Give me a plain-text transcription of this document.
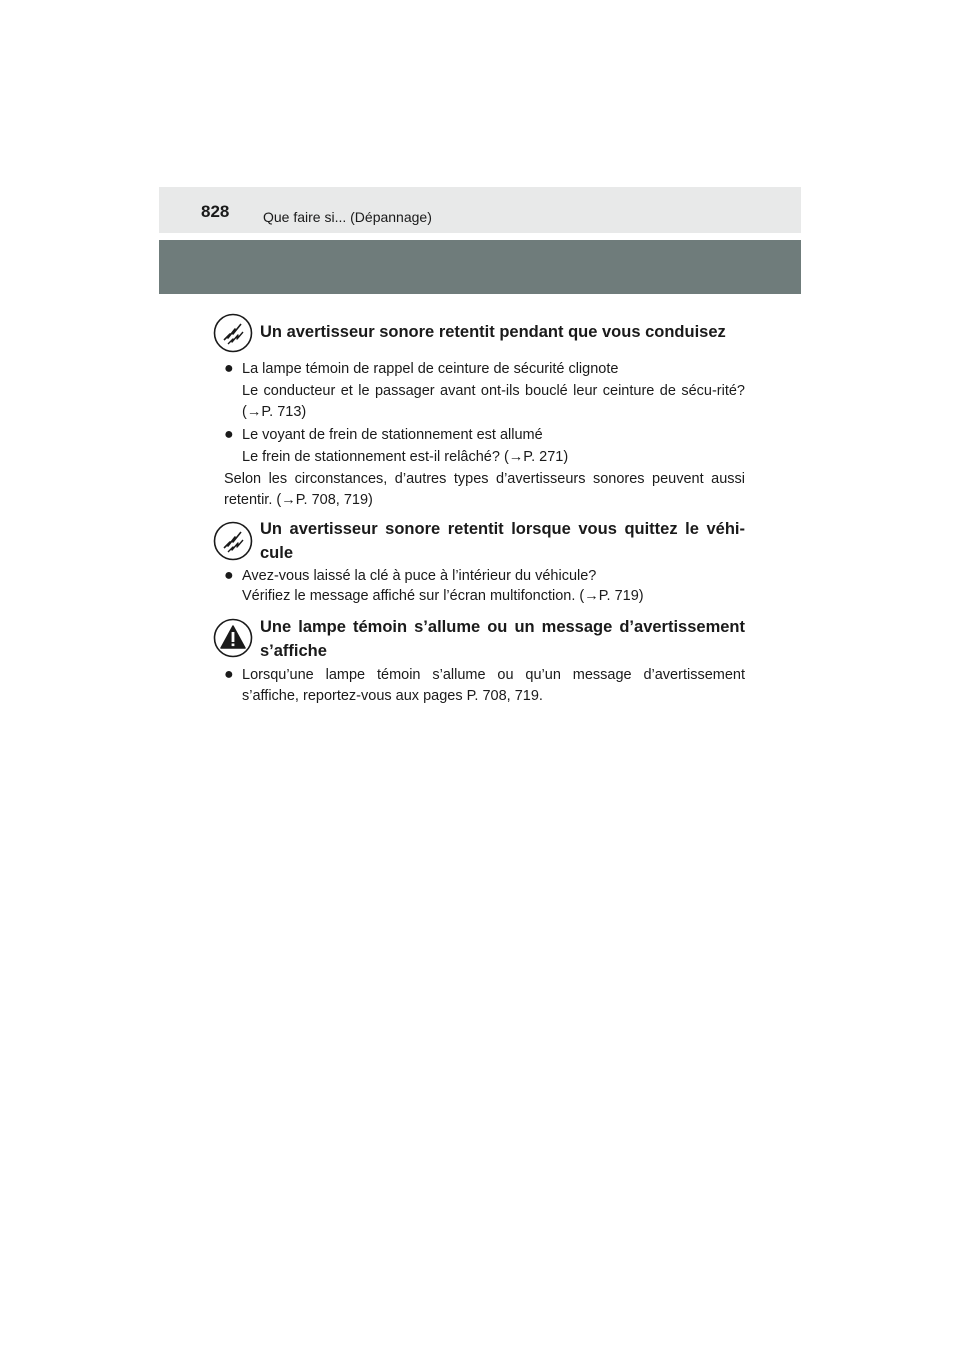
828 Que faire si... (Dépannage)
Un avertisseur sonore retentit pendant que vous conduisez
● La lampe témoin de rappel de ceinture de sécurité clignote
Le conducteur et le passager avant ont-ils bouclé leur ceinture de sécu-rité? (→P. 713)
● Le voyant de frein de stationnement est allumé
Le frein de stationnement est-il relâché? (→P. 271)
Selon les circonstances, d’autres types d’avertisseurs sonores peuvent aussi retentir. (→P. 708, 719)
Un avertisseur sonore retentit lorsque vous quittez le véhi-cule
● Avez-vous laissé la clé à puce à l’intérieur du véhicule?
Vérifiez le message affiché sur l’écran multifonction. (→P. 719)
Une lampe témoin s’allume ou un message d’avertissement s’affiche
● Lorsqu’une lampe témoin s’allume ou qu’un message d’avertissement s’affiche, reportez-vous aux pages P. 708, 719.
